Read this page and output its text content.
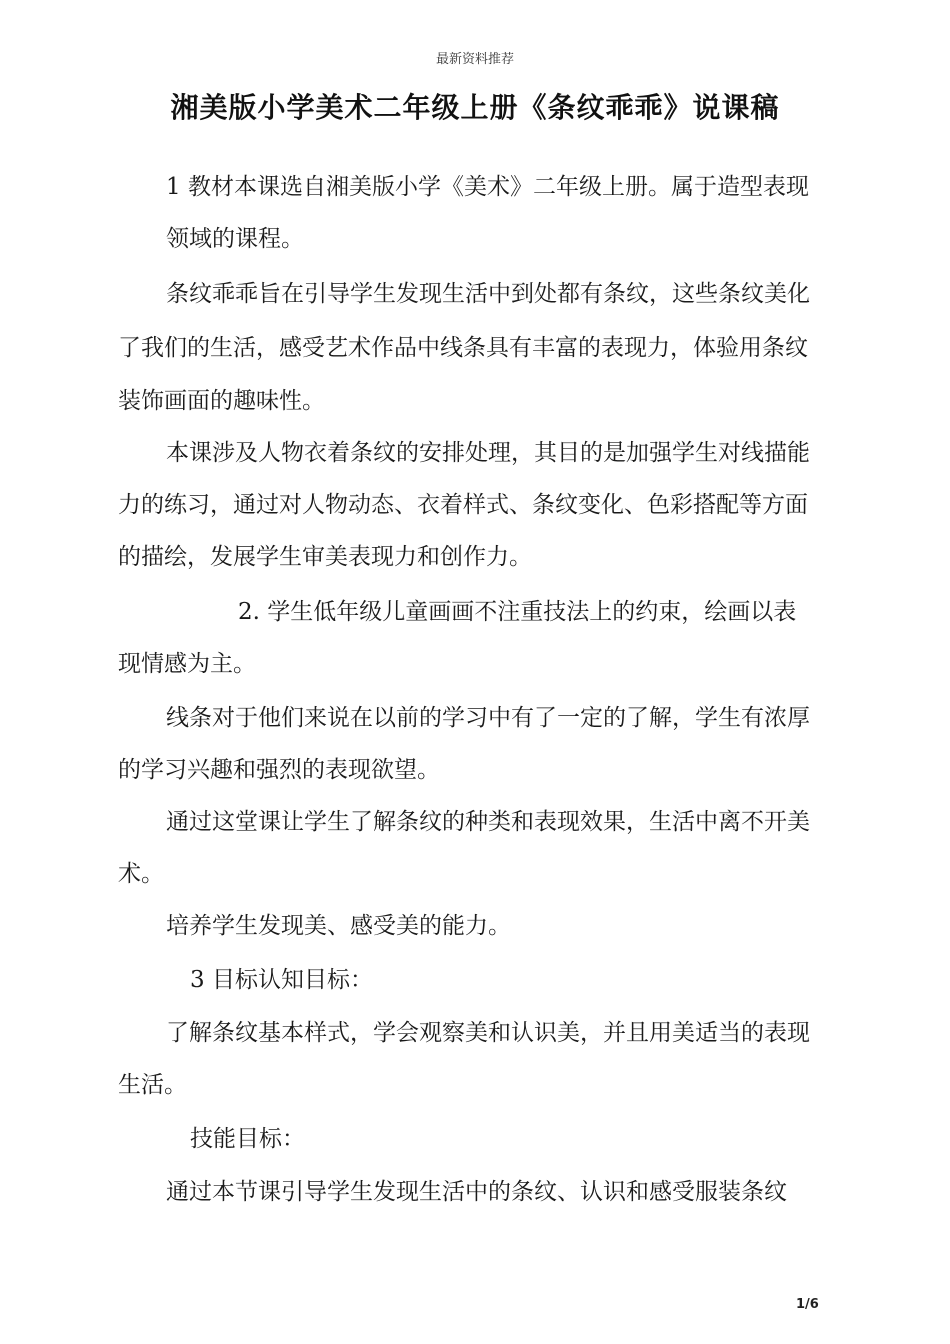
最新资料推荐
湘美版小学美术二年级上册《条纹乖乖》说课稿
1 教材本课选自湘美版小学《美术》二年级上册。属于造型表现
领域的课程。
条纹乖乖旨在引导学生发现生活中到处都有条纹，这些条纹美化
了我们的生活，感受艺术作品中线条具有丰富的表现力，体验用条纹
装饰画面的趣味性。
本课涉及人物衣着条纹的安排处理，其目的是加强学生对线描能
力的练习，通过对人物动态、衣着样式、条纹变化、色彩搭配等方面
的描绘，发展学生审美表现力和创作力。
2. 学生低年级儿童画画不注重技法上的约束，绘画以表
现情感为主。
线条对于他们来说在以前的学习中有了一定的了解，学生有浓厚
的学习兴趣和强烈的表现欲望。
通过这堂课让学生了解条纹的种类和表现效果，生活中离不开美
术。
培养学生发现美、感受美的能力。
3 目标认知目标：
了解条纹基本样式，学会观察美和认识美，并且用美适当的表现
生活。
技能目标：
通过本节课引导学生发现生活中的条纹、认识和感受服装条纹
1/6
